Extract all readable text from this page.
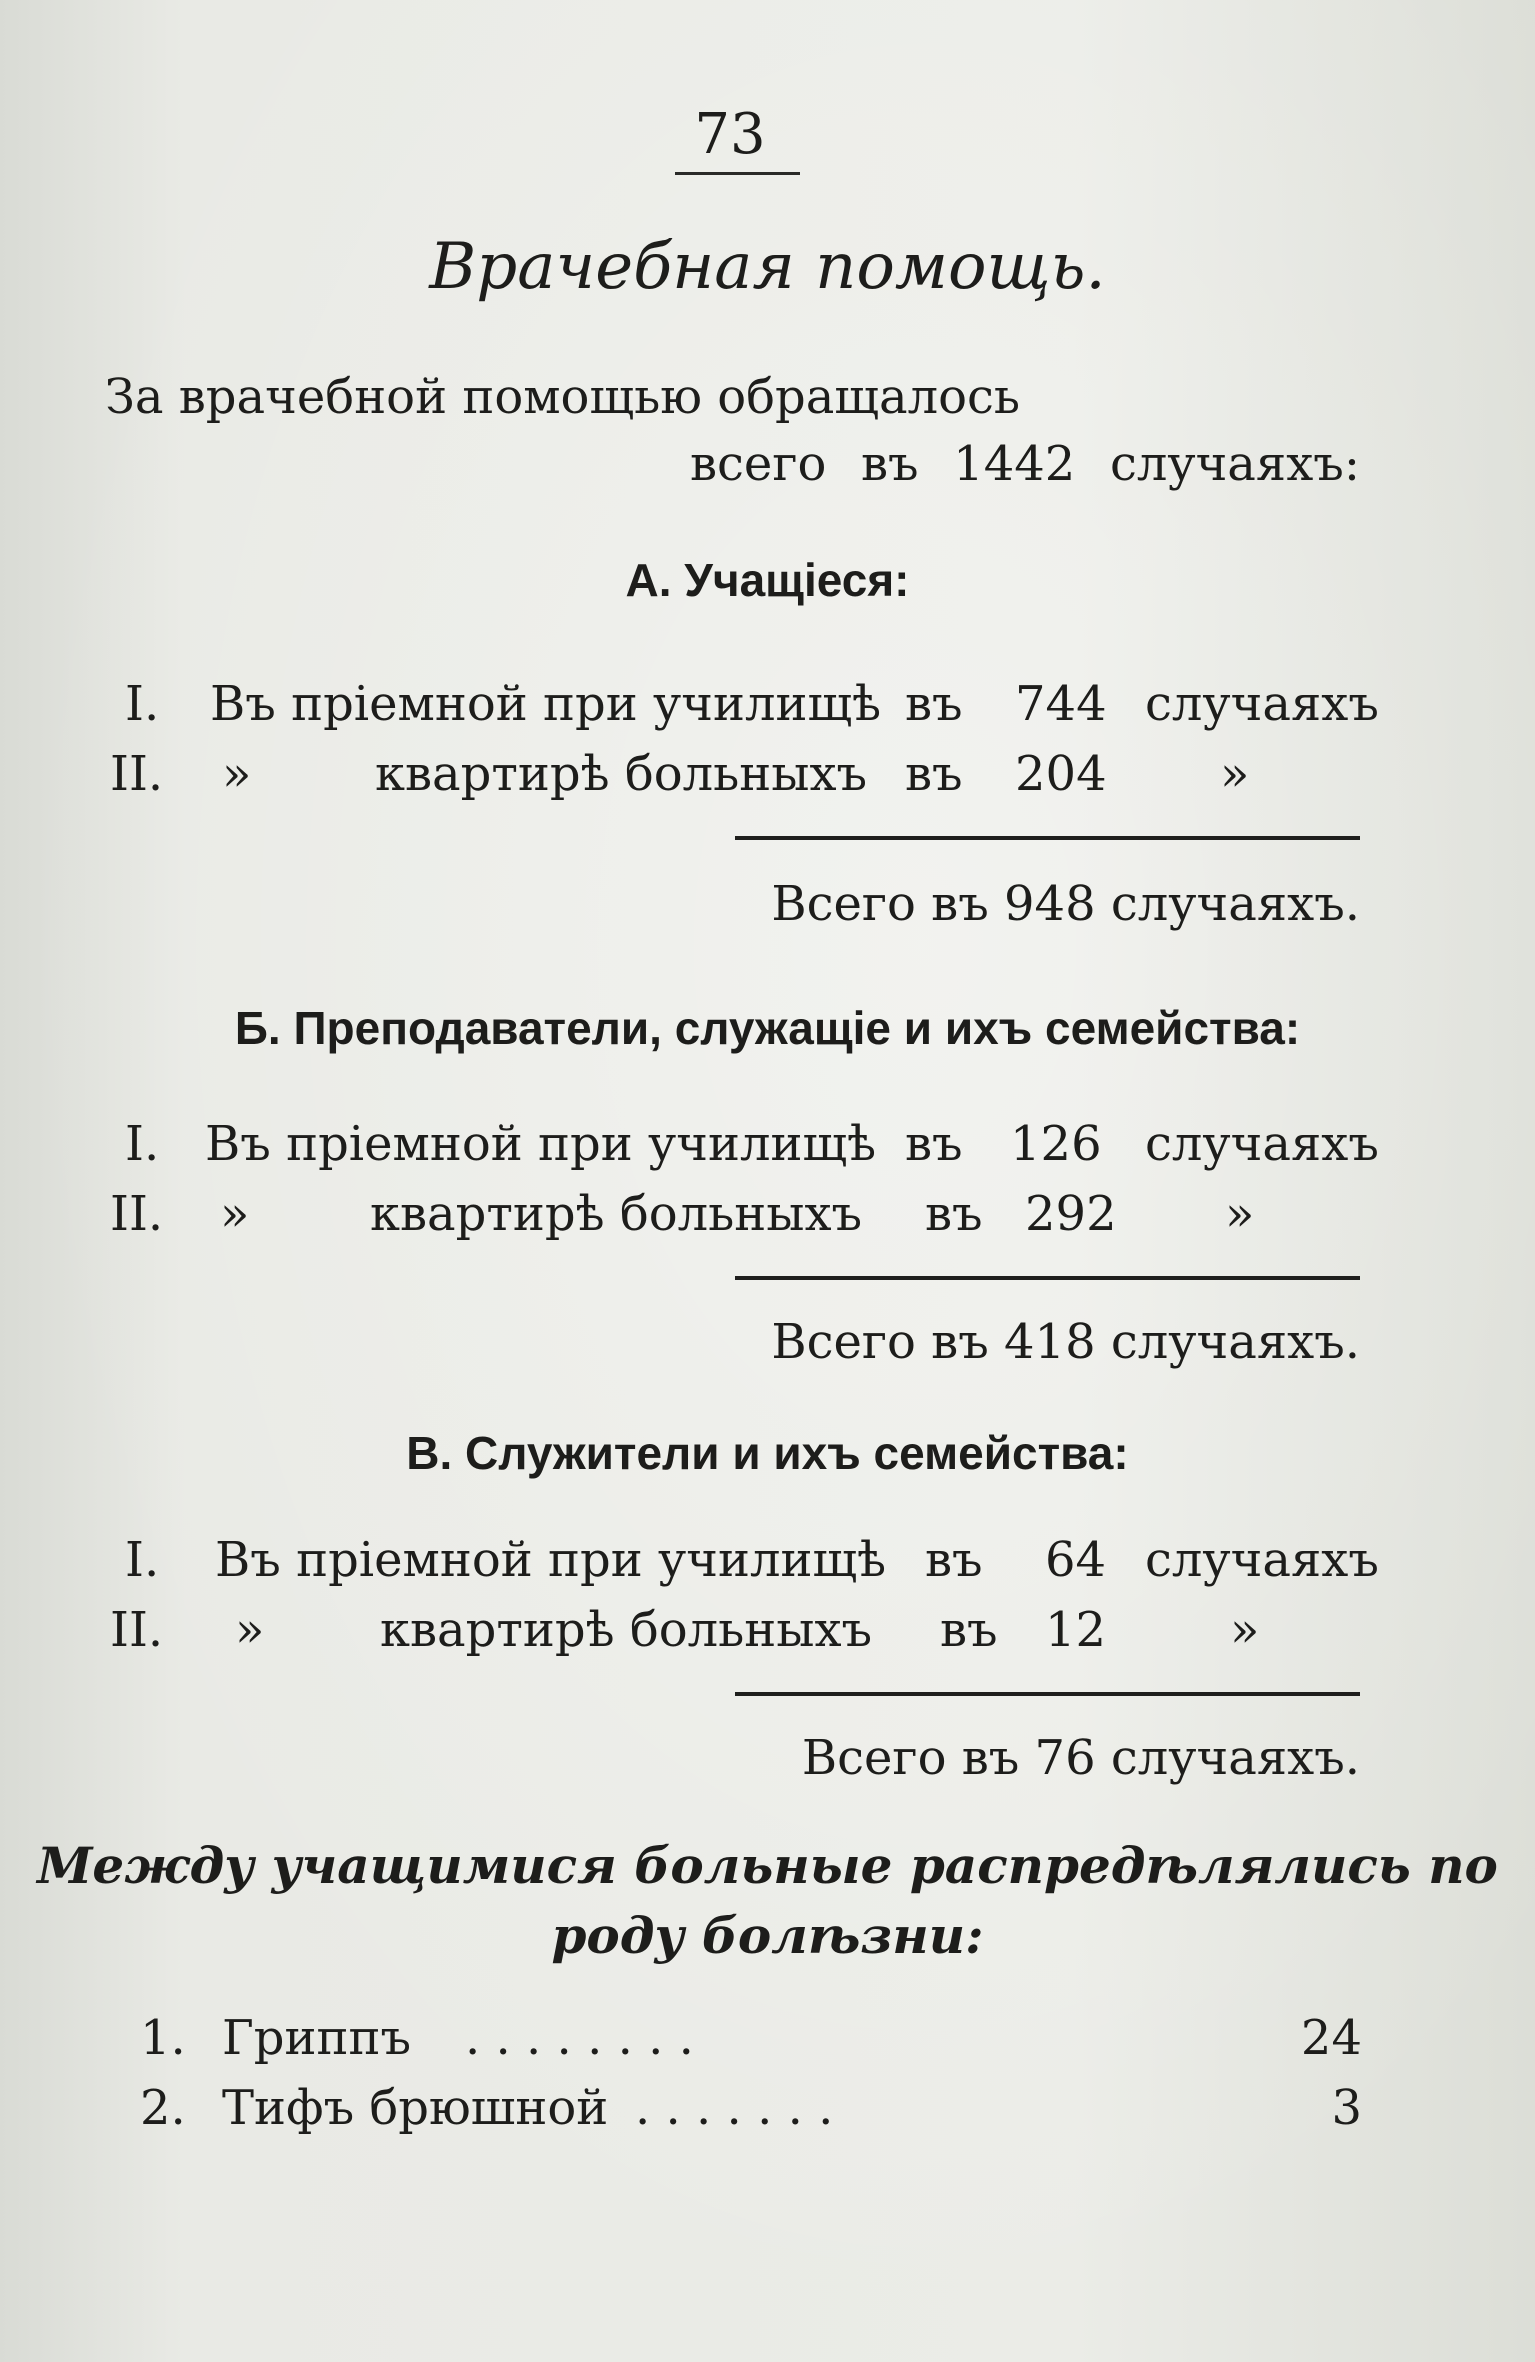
73
Врачебная помощь.
За врачебной помощью обращалось
всего въ 1442 случаяхъ:
А. Учащіеся:
I. Въ пріемной при училищѣ въ 744 случаяхъ
II. »	квартирѣ больныхъ въ 204 »
Всего въ 948 случаяхъ.
Б. Преподаватели, служащіе и ихъ семейства:
I. Въ пріемной при училищѣ въ 126 случаяхъ
II. »	квартирѣ больныхъ въ 292 »
Всего въ 418 случаяхъ.
В. Служители и ихъ семейства:
I. Въ пріемной при училищѣ въ 64 случаяхъ
II. » квартирѣ больныхъ въ 12	»
Всего въ 76 случаяхъ.
Между учащимися больные распредѣлялись по
роду болѣзни:
1. Гриппъ . . . . . . . .	24
2. Тифъ брюшной . . . . . . .	3
